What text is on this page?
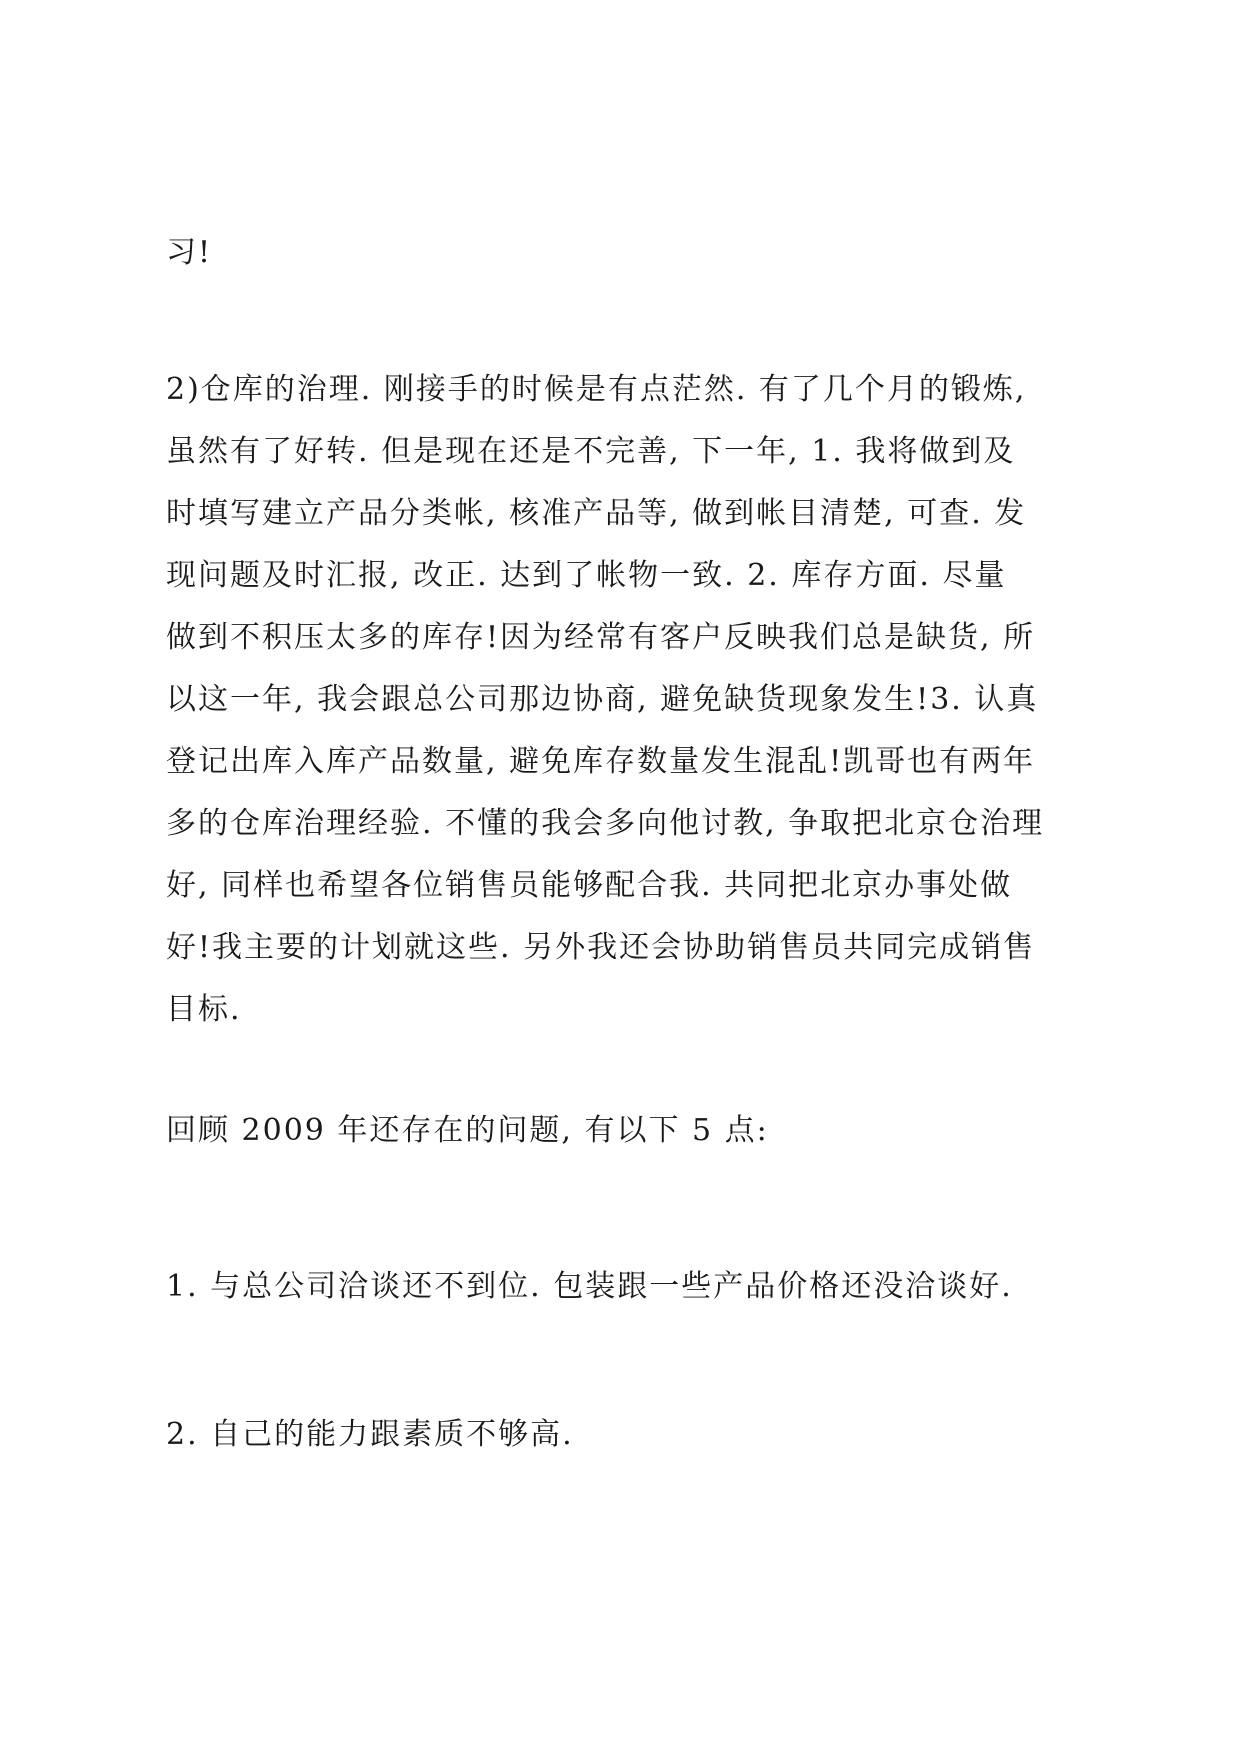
习!
2)仓库的治理. 刚接手的时候是有点茫然. 有了几个月的锻炼,
虽然有了好转. 但是现在还是不完善, 下一年, 1. 我将做到及
时填写建立产品分类帐, 核准产品等, 做到帐目清楚, 可查. 发
现问题及时汇报, 改正. 达到了帐物一致. 2. 库存方面. 尽量
做到不积压太多的库存!因为经常有客户反映我们总是缺货, 所
以这一年, 我会跟总公司那边协商, 避免缺货现象发生!3. 认真
登记出库入库产品数量, 避免库存数量发生混乱!凯哥也有两年
多的仓库治理经验. 不懂的我会多向他讨教, 争取把北京仓治理
好, 同样也希望各位销售员能够配合我. 共同把北京办事处做
好!我主要的计划就这些. 另外我还会协助销售员共同完成销售
目标.
回顾 2009 年还存在的问题, 有以下 5 点:
1. 与总公司洽谈还不到位. 包装跟一些产品价格还没洽谈好.
2. 自己的能力跟素质不够高.
